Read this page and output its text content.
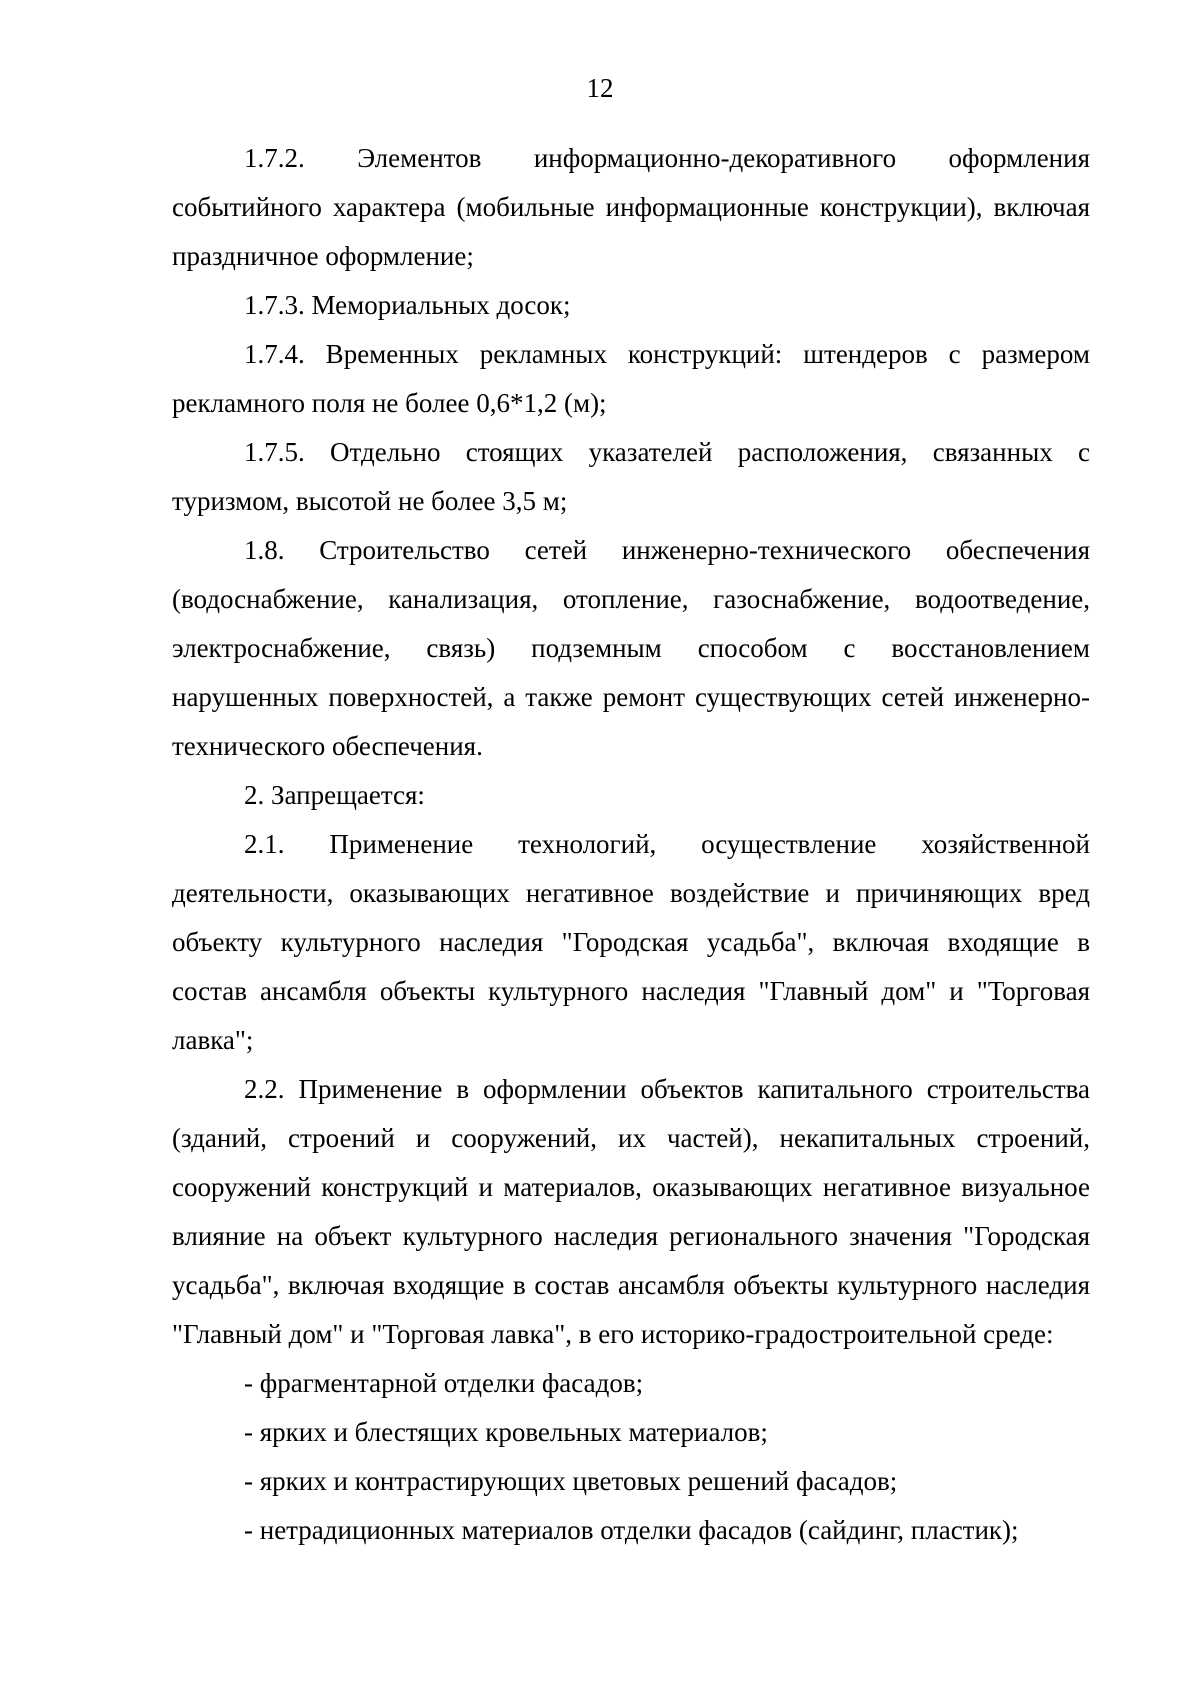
12

1.7.2. Элементов информационно-декоративного оформления событийного характера (мобильные информационные конструкции), включая праздничное оформление;

1.7.3. Мемориальных досок;

1.7.4. Временных рекламных конструкций: штендеров с размером рекламного поля не более 0,6*1,2 (м);

1.7.5. Отдельно стоящих указателей расположения, связанных с туризмом, высотой не более 3,5 м;

1.8. Строительство сетей инженерно-технического обеспечения (водоснабжение, канализация, отопление, газоснабжение, водоотведение, электроснабжение, связь) подземным способом с восстановлением нарушенных поверхностей, а также ремонт существующих сетей инженерно-технического обеспечения.

2. Запрещается:

2.1. Применение технологий, осуществление хозяйственной деятельности, оказывающих негативное воздействие и причиняющих вред объекту культурного наследия "Городская усадьба", включая входящие в состав ансамбля объекты культурного наследия "Главный дом" и "Торговая лавка";

2.2. Применение в оформлении объектов капитального строительства (зданий, строений и сооружений, их частей), некапитальных строений, сооружений конструкций и материалов, оказывающих негативное визуальное влияние на объект культурного наследия регионального значения "Городская усадьба", включая входящие в состав ансамбля объекты культурного наследия "Главный дом" и "Торговая лавка", в его историко-градостроительной среде:

- фрагментарной отделки фасадов;

- ярких и блестящих кровельных материалов;

- ярких и контрастирующих цветовых решений фасадов;

- нетрадиционных материалов отделки фасадов (сайдинг, пластик);
